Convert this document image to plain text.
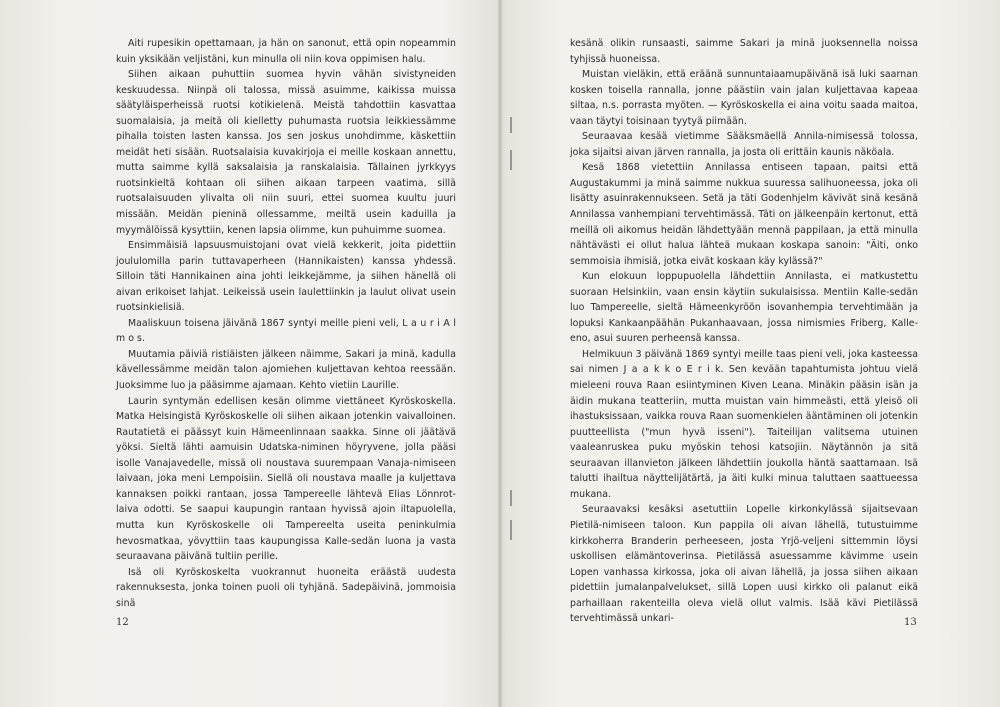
Aiti rupesikin opettamaan, ja hän on sanonut, että opin nopeammin kuin yksikään veljistäni, kun minulla oli niin kova oppimisen halu.

Siihen aikaan puhuttiin suomea hyvin vähän sivistyneiden keskuudessa. Niinpä oli talossa, missä asuimme, kaikissa muissa säätyläisperheissä ruotsi kotikielenä. Meistä tahdottiin kasvattaa suomalaisia, ja meitä oli kielletty puhumasta ruotsia leikkiessämme pihalla toisten lasten kanssa. Jos sen joskus unohdimme, käskettiin meidät heti sisään. Ruotsalaisia kuvakirjoja ei meille koskaan annettu, mutta saimme kyllä saksalaisia ja ranskalaisia. Tällainen jyrkkyys ruotsinkieltä kohtaan oli siihen aikaan tarpeen vaatima, sillä ruotsalaisuuden ylivalta oli niin suuri, ettei suomea kuultu juuri missään. Meidän pieninä ollessamme, meiltä usein kaduilla ja myymälöissä kysyttiin, kenen lapsia olimme, kun puhuimme suomea.

Ensimmäisiä lapsuusmuistojani ovat vielä kekkerit, joita pidettiin joululomilla parin tuttavaperheen (Hannikaisten) kanssa yhdessä. Silloin täti Hannikainen aina johti leikkejämme, ja siihen hänellä oli aivan erikoiset lahjat. Leikeissä usein laulettiinkin ja laulut olivat usein ruotsinkielisiä.

Maaliskuun toisena jäivänä 1867 syntyi meille pieni veli, L a u r i A l m o s.

Muutamia päiviä ristiäisten jälkeen näimme, Sakari ja minä, kadulla kävellessämme meidän talon ajomiehen kuljettavan kehtoa reessään. Juoksimme luo ja pääsimme ajamaan. Kehto vietiin Laurille.

Laurin syntymän edellisen kesän olimme viettäneet Kyröskoskella. Matka Helsingistä Kyröskoskelle oli siihen aikaan jotenkin vaivalloinen. Rautatietä ei päässyt kuin Hämeenlinnaan saakka. Sinne oli jäätävä yöksi. Sieltä lähti aamuisin Udatska-niminen höyryvene, jolla pääsi isolle Vanajavedelle, missä oli noustava suurempaan Vanaja-nimiseen laivaan, joka meni Lempoisiin. Siellä oli noustava maalle ja kuljettava kannaksen poikki rantaan, jossa Tampereelle lähtevä Elias Lönnrot-laiva odotti. Se saapui kaupungin rantaan hyvissä ajoin iltapuolella, mutta kun Kyröskoskelle oli Tampereelta useita peninkulmia hevosmatkaa, yövyttiin taas kaupungissa Kalle-sedän luona ja vasta seuraavana päivänä tultiin perille.

Isä oli Kyröskoskelta vuokrannut huoneita eräästä uudesta rakennuksesta, jonka toinen puoli oli tyhjänä. Sadepäivinä, jommoisia sinä

12

kesänä olikin runsaasti, saimme Sakari ja minä juoksennella noissa tyhjissä huoneissa.

Muistan vieläkin, että eräänä sunnuntaiaamupäivänä isä luki saarnan kosken toisella rannalla, jonne päästiin vain jalan kuljettavaa kapeaa siltaa, n.s. porrasta myöten. — Kyröskoskella ei aina voitu saada maitoa, vaan täytyi toisinaan tyytyä piimään.

Seuraavaa kesää vietimme Sääksmäellä Annila-nimisessä tolossa, joka sijaitsi aivan järven rannalla, ja josta oli erittäin kaunis näköala.

Kesä 1868 vietettiin Annilassa entiseen tapaan, paitsi että Augustakummi ja minä saimme nukkua suuressa salihuoneessa, joka oli lisätty asuinrakennukseen. Setä ja täti Godenhjelm kävivät sinä kesänä Annilassa vanhempiani tervehtimässä. Täti on jälkeenpäin kertonut, että meillä oli aikomus heidän lähdettyään mennä pappilaan, ja että minulla nähtävästi ei ollut halua lähteä mukaan koskapa sanoin: "Äiti, onko semmoisia ihmisiä, jotka eivät koskaan käy kylässä?"

Kun elokuun loppupuolella lähdettiin Annilasta, ei matkustettu suoraan Helsinkiin, vaan ensin käytiin sukulaisissa. Mentiin Kalle-sedän luo Tampereelle, sieltä Hämeenkyröön isovanhempia tervehtimään ja lopuksi Kankaanpäähän Pukanhaavaan, jossa nimismies Friberg, Kalle-eno, asui suuren perheensä kanssa.

Helmikuun 3 päivänä 1869 syntyi meille taas pieni veli, joka kasteessa sai nimen J a a k k o E r i k. Sen kevään tapahtumista johtuu vielä mieleeni rouva Raan esiintyminen Kiven Leana. Minäkin pääsin isän ja äidin mukana teatteriin, mutta muistan vain himmeästi, että yleisö oli ihastuksissaan, vaikka rouva Raan suomenkielen ääntäminen oli jotenkin puutteellista ("mun hyvä isseni"). Taiteilijan valitsema utuinen vaaleanruskea puku myöskin tehosi katsojiin. Näytännön ja sitä seuraavan illanvieton jälkeen lähdettiin joukolla häntä saattamaan. Isä talutti ihailtua näyttelijätärtä, ja äiti kulki minua taluttaen saattueessa mukana.

Seuraavaksi kesäksi asetuttiin Lopelle kirkonkylässä sijaitsevaan Pietilä-nimiseen taloon. Kun pappila oli aivan lähellä, tutustuimme kirkkoherra Branderin perheeseen, josta Yrjö-veljeni sittemmin löysi uskollisen elämäntoverinsa. Pietilässä asuessamme kävimme usein Lopen vanhassa kirkossa, joka oli aivan lähellä, ja jossa siihen aikaan pidettiin jumalanpalvelukset, sillä Lopen uusi kirkko oli palanut eikä parhaillaan rakenteilla oleva vielä ollut valmis. Isää kävi Pietilässä tervehtimässä unkari-	13
